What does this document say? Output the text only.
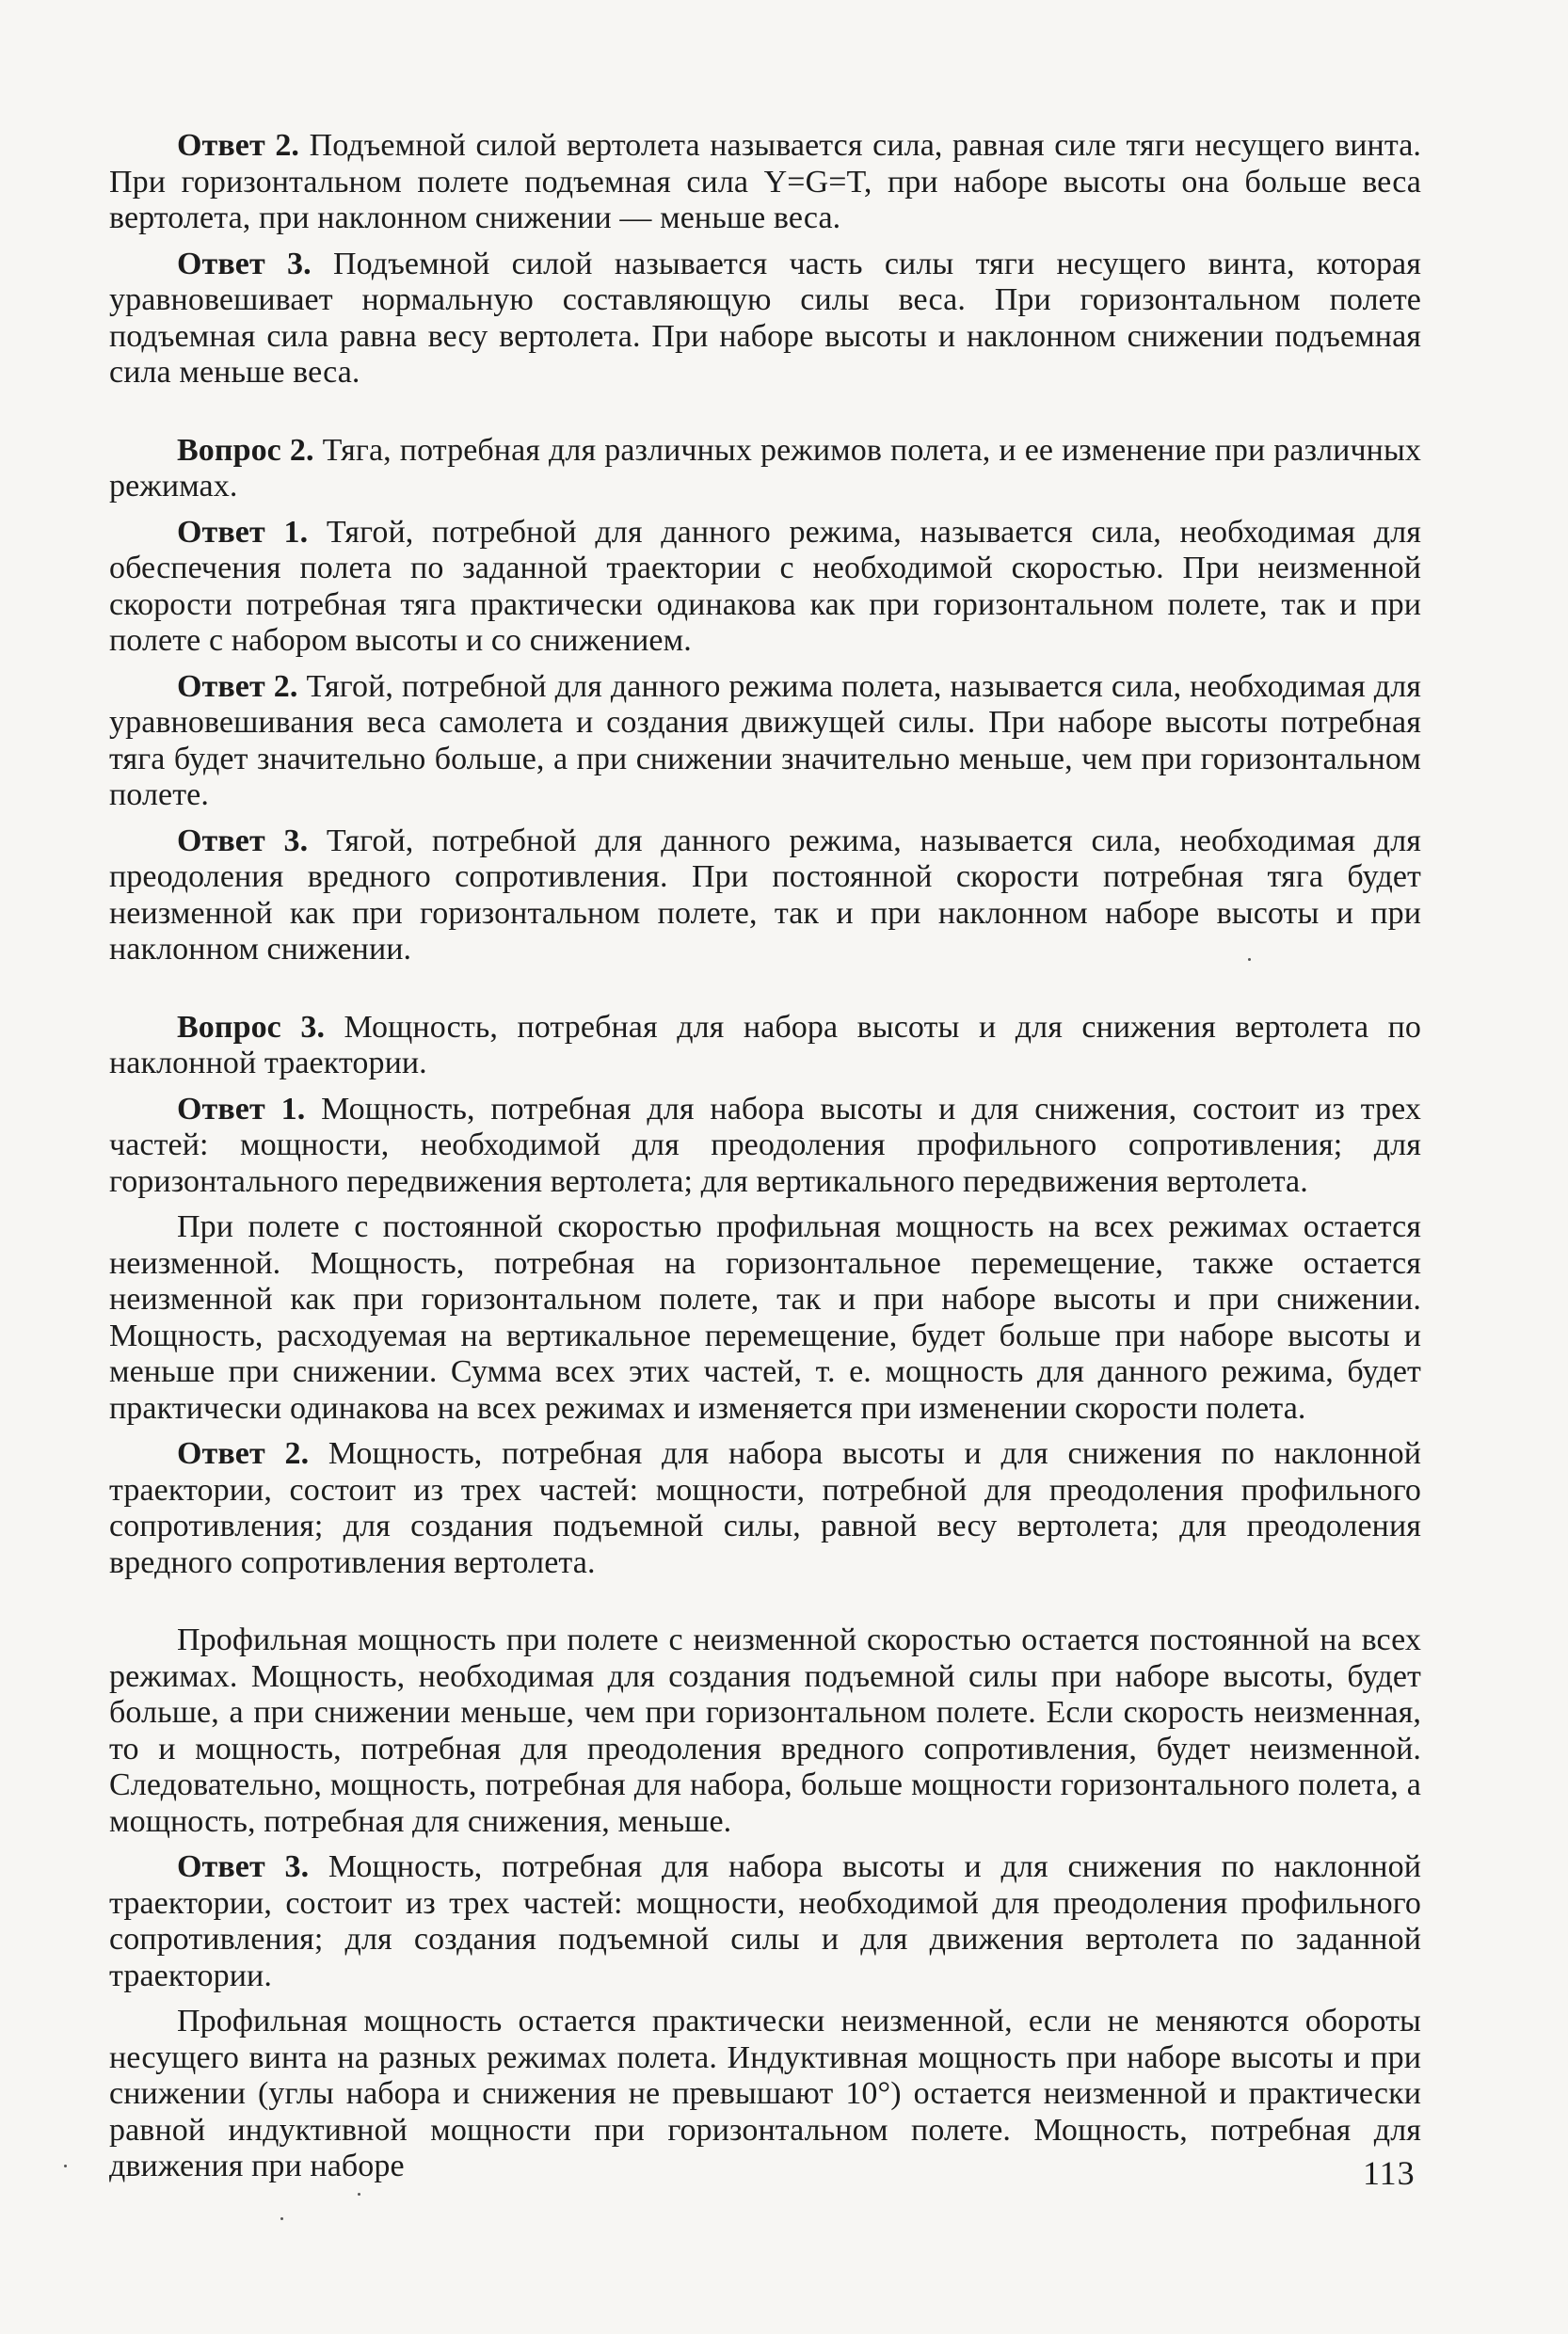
Ответ 2. Подъемной силой вертолета называется сила, равная силе тяги несущего винта. При горизонтальном полете подъемная сила Y=G=T, при наборе высоты она больше веса вертолета, при наклонном снижении — меньше веса.

Ответ 3. Подъемной силой называется часть силы тяги несущего винта, которая уравновешивает нормальную составляющую силы веса. При горизонтальном полете подъемная сила равна весу вертолета. При наборе высоты и наклонном снижении подъемная сила меньше веса.

Вопрос 2. Тяга, потребная для различных режимов полета, и ее изменение при различных режимах.

Ответ 1. Тягой, потребной для данного режима, называется сила, необходимая для обеспечения полета по заданной траектории с необходимой скоростью. При неизменной скорости потребная тяга практически одинакова как при горизонтальном полете, так и при полете с набором высоты и со снижением.

Ответ 2. Тягой, потребной для данного режима полета, называется сила, необходимая для уравновешивания веса самолета и создания движущей силы. При наборе высоты потребная тяга будет значительно больше, а при снижении значительно меньше, чем при горизонтальном полете.

Ответ 3. Тягой, потребной для данного режима, называется сила, необходимая для преодоления вредного сопротивления. При постоянной скорости потребная тяга будет неизменной как при горизонтальном полете, так и при наклонном наборе высоты и при наклонном снижении.

Вопрос 3. Мощность, потребная для набора высоты и для снижения вертолета по наклонной траектории.

Ответ 1. Мощность, потребная для набора высоты и для снижения, состоит из трех частей: мощности, необходимой для преодоления профильного сопротивления; для горизонтального передвижения вертолета; для вертикального передвижения вертолета.

При полете с постоянной скоростью профильная мощность на всех режимах остается неизменной. Мощность, потребная на горизонтальное перемещение, также остается неизменной как при горизонтальном полете, так и при наборе высоты и при снижении. Мощность, расходуемая на вертикальное перемещение, будет больше при наборе высоты и меньше при снижении. Сумма всех этих частей, т. е. мощность для данного режима, будет практически одинакова на всех режимах и изменяется при изменении скорости полета.

Ответ 2. Мощность, потребная для набора высоты и для снижения по наклонной траектории, состоит из трех частей: мощности, потребной для преодоления профильного сопротивления; для создания подъемной силы, равной весу вертолета; для преодоления вредного сопротивления вертолета.

Профильная мощность при полете с неизменной скоростью остается постоянной на всех режимах. Мощность, необходимая для создания подъемной силы при наборе высоты, будет больше, а при снижении меньше, чем при горизонтальном полете. Если скорость неизменная, то и мощность, потребная для преодоления вредного сопротивления, будет неизменной. Следовательно, мощность, потребная для набора, больше мощности горизонтального полета, а мощность, потребная для снижения, меньше.

Ответ 3. Мощность, потребная для набора высоты и для снижения по наклонной траектории, состоит из трех частей: мощности, необходимой для преодоления профильного сопротивления; для создания подъемной силы и для движения вертолета по заданной траектории.

Профильная мощность остается практически неизменной, если не меняются обороты несущего винта на разных режимах полета. Индуктивная мощность при наборе высоты и при снижении (углы набора и снижения не превышают 10°) остается неизменной и практически равной индуктивной мощности при горизонтальном полете. Мощность, потребная для движения при наборе	113
